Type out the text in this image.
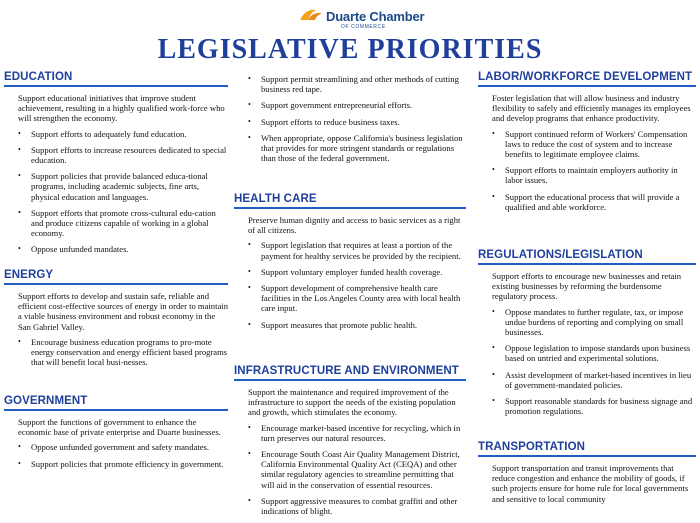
Duarte Chamber
OF COMMERCE
LEGISLATIVE PRIORITIES
EDUCATION

Support educational initiatives that improve student achievement, resulting in a highly qualified work-force who will strengthen the economy.

• Support efforts to adequately fund education.
• Support efforts to increase resources dedicated to special education.
• Support policies that provide balanced educa-tional programs, including academic subjects, fine arts, physical education and languages.
• Support efforts that promote cross-cultural edu-cation and produce citizens capable of working in a global economy.
• Oppose unfunded mandates.
ENERGY

Support efforts to develop and sustain safe, reliable and efficient cost-effective sources of energy in order to maintain a viable business environment and robust economy in the San Gabriel Valley.

• Encourage business education programs to pro-mote energy conservation and energy efficient based programs that will benefit local busi-nesses.
GOVERNMENT

Support the functions of government to enhance the economic base of private enterprise and Duarte businesses.

• Oppose unfunded government and safety mandates.
• Support policies that promote efficiency in government.
• Support permit streamlining and other methods of cutting business red tape.
• Support government entrepreneurial efforts.
• Support efforts to reduce business taxes.
• When appropriate, oppose California's business legislation that provides for more stringent standards or regulations than those of the federal government.
HEALTH CARE

Preserve human dignity and access to basic services as a right of all citizens.

• Support legislation that requires at least a portion of the payment for healthy services be provided by the recipient.
• Support voluntary employer funded health coverage.
• Support development of comprehensive health care facilities in the Los Angeles County area with local health care input.
• Support measures that promote public health.
INFRASTRUCTURE AND ENVIRONMENT

Support the maintenance and required improvement of the infrastructure to support the needs of the existing population and growth, which stimulates the economy.

• Encourage market-based incentive for recycling, which in turn preserves our natural resources.
• Encourage South Coast Air Quality Management District, California Environmental Quality Act (CEQA) and other similar regulatory agencies to streamline permitting that will aid in the conservation of essential resources.
• Support aggressive measures to combat graffiti and other indications of blight.
LABOR/WORKFORCE DEVELOPMENT

Foster legislation that will allow business and industry flexibility to safely and efficiently manages its employees and develop programs that enhance productivity.

• Support continued reform of Workers' Compensation laws to reduce the cost of system and to increase benefits to legitimate employee claims.
• Support efforts to maintain employers authority in labor issues.
• Support the educational process that will provide a qualified and able workforce.
REGULATIONS/LEGISLATION

Support efforts to encourage new businesses and retain existing businesses by reforming the burdensome regulatory process.

• Oppose mandates to further regulate, tax, or impose undue burdens of reporting and complying on small businesses.
• Oppose legislation to impose standards upon business based on untried and experimental solutions.
• Assist development of market-based incentives in lieu of government-mandated policies.
• Support reasonable standards for business signage and promotion regulations.
TRANSPORTATION

Support transportation and transit improvements that reduce congestion and enhance the mobility of goods, if such projects ensure for home rule for local governments and sensitive to local community
